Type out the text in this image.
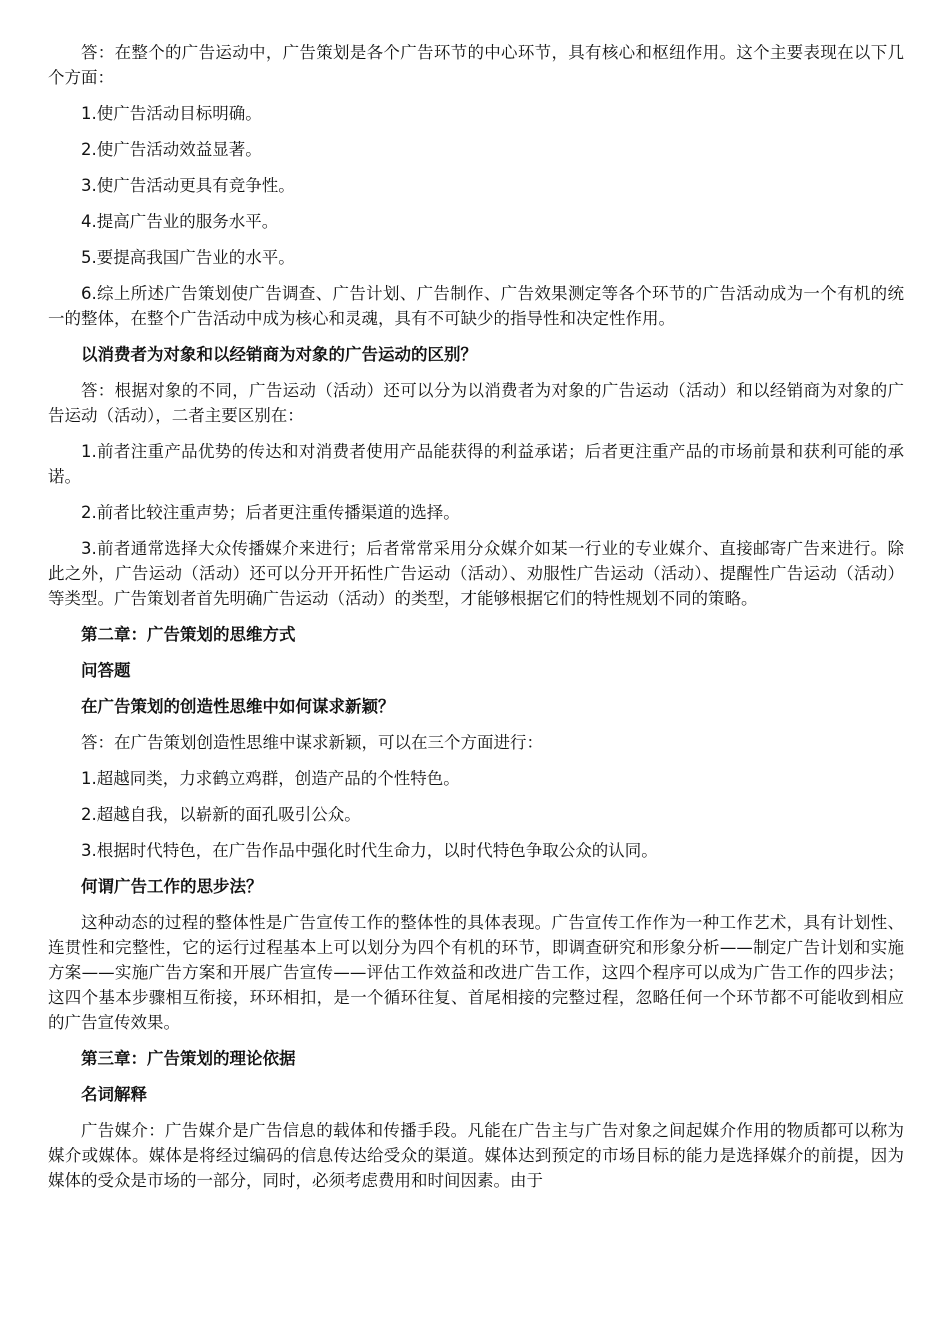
答：在整个的广告运动中，广告策划是各个广告环节的中心环节，具有核心和枢纽作用。这个主要表现在以下几个方面：

1.使广告活动目标明确。

2.使广告活动效益显著。

3.使广告活动更具有竞争性。

4.提高广告业的服务水平。

5.要提高我国广告业的水平。

6.综上所述广告策划使广告调查、广告计划、广告制作、广告效果测定等各个环节的广告活动成为一个有机的统一的整体，在整个广告活动中成为核心和灵魂，具有不可缺少的指导性和决定性作用。

以消费者为对象和以经销商为对象的广告运动的区别？

答：根据对象的不同，广告运动（活动）还可以分为以消费者为对象的广告运动（活动）和以经销商为对象的广告运动（活动），二者主要区别在：

1.前者注重产品优势的传达和对消费者使用产品能获得的利益承诺；后者更注重产品的市场前景和获利可能的承诺。

2.前者比较注重声势；后者更注重传播渠道的选择。

3.前者通常选择大众传播媒介来进行；后者常常采用分众媒介如某一行业的专业媒介、直接邮寄广告来进行。除此之外，广告运动（活动）还可以分开开拓性广告运动（活动）、劝服性广告运动（活动）、提醒性广告运动（活动）等类型。广告策划者首先明确广告运动（活动）的类型，才能够根据它们的特性规划不同的策略。

第二章：广告策划的思维方式

问答题

在广告策划的创造性思维中如何谋求新颖？

答：在广告策划创造性思维中谋求新颖，可以在三个方面进行：

1.超越同类，力求鹤立鸡群，创造产品的个性特色。

2.超越自我，以崭新的面孔吸引公众。

3.根据时代特色，在广告作品中强化时代生命力，以时代特色争取公众的认同。

何谓广告工作的思步法？

这种动态的过程的整体性是广告宣传工作的整体性的具体表现。广告宣传工作作为一种工作艺术，具有计划性、连贯性和完整性，它的运行过程基本上可以划分为四个有机的环节，即调查研究和形象分析——制定广告计划和实施方案——实施广告方案和开展广告宣传——评估工作效益和改进广告工作，这四个程序可以成为广告工作的四步法；这四个基本步骤相互衔接，环环相扣，是一个循环往复、首尾相接的完整过程，忽略任何一个环节都不可能收到相应的广告宣传效果。

第三章：广告策划的理论依据

名词解释

广告媒介：广告媒介是广告信息的载体和传播手段。凡能在广告主与广告对象之间起媒介作用的物质都可以称为媒介或媒体。媒体是将经过编码的信息传达给受众的渠道。媒体达到预定的市场目标的能力是选择媒介的前提，因为媒体的受众是市场的一部分，同时，必须考虑费用和时间因素。由于
